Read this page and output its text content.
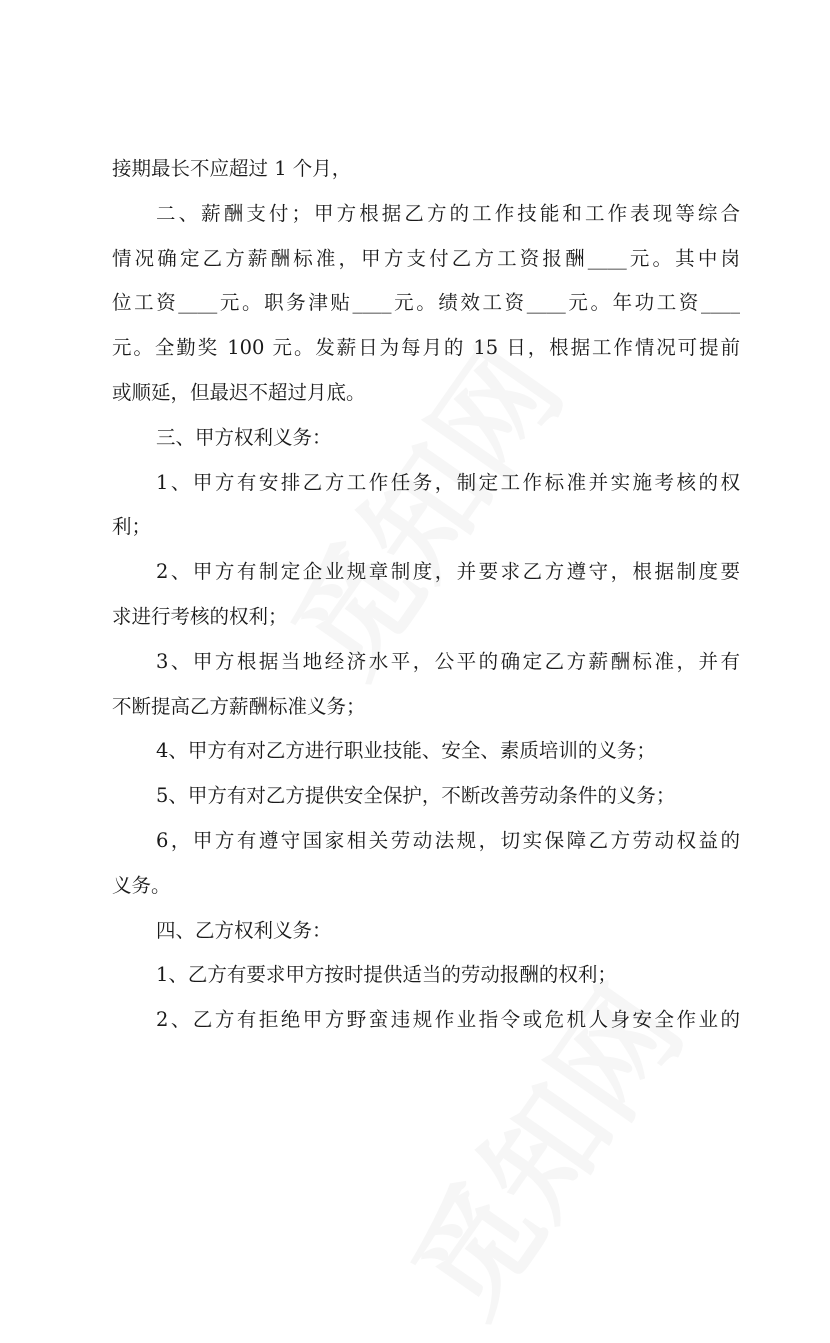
接期最长不应超过 1 个月，
二、薪酬支付；甲方根据乙方的工作技能和工作表现等综合
情况确定乙方薪酬标准，甲方支付乙方工资报酬____元。其中岗
位工资____元。职务津贴____元。绩效工资____元。年功工资____
元。全勤奖 100 元。发薪日为每月的 15 日，根据工作情况可提前
或顺延，但最迟不超过月底。
三、甲方权利义务：
1、甲方有安排乙方工作任务，制定工作标准并实施考核的权
利；
2、甲方有制定企业规章制度，并要求乙方遵守，根据制度要
求进行考核的权利；
3、甲方根据当地经济水平，公平的确定乙方薪酬标准，并有
不断提高乙方薪酬标准义务；
4、甲方有对乙方进行职业技能、安全、素质培训的义务；
5、甲方有对乙方提供安全保护，不断改善劳动条件的义务；
6，甲方有遵守国家相关劳动法规，切实保障乙方劳动权益的
义务。
四、乙方权利义务：
1、乙方有要求甲方按时提供适当的劳动报酬的权利；
2、乙方有拒绝甲方野蛮违规作业指令或危机人身安全作业的
